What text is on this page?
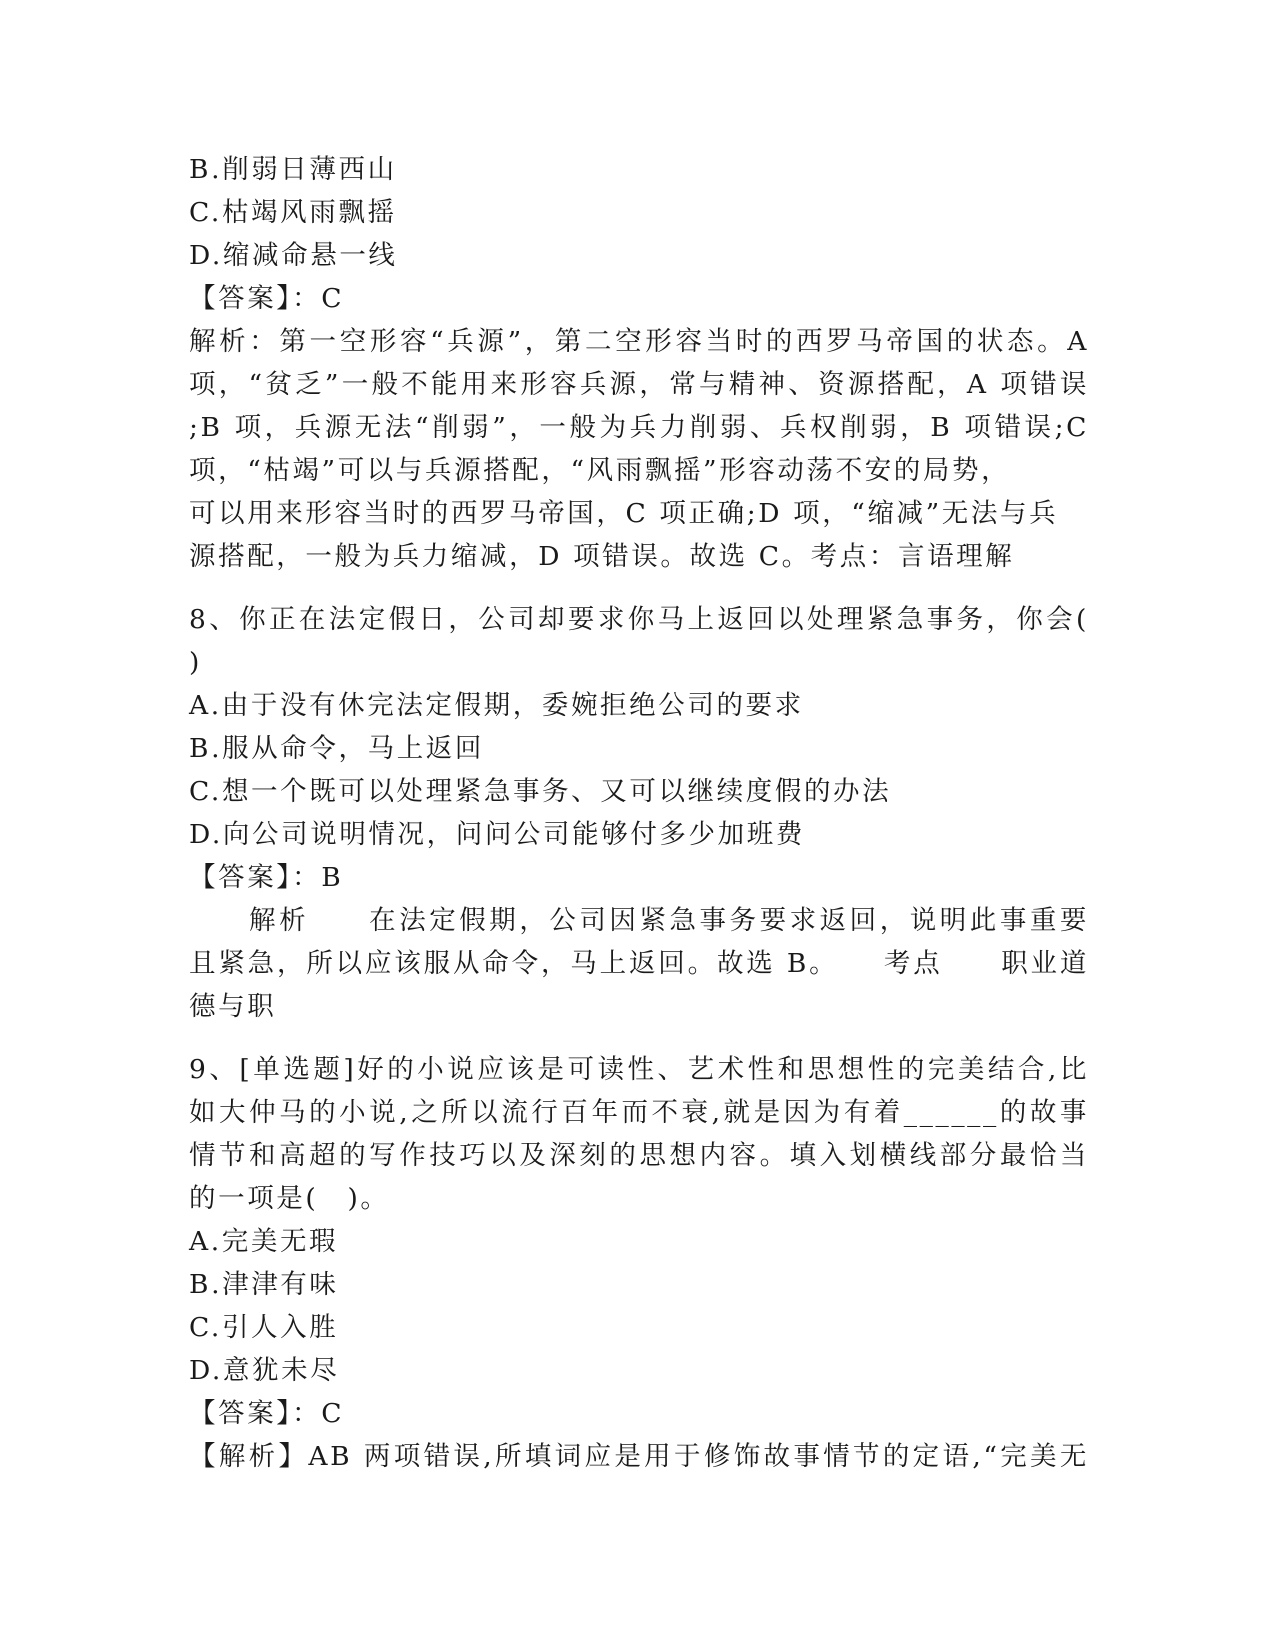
B.削弱日薄西山
C.枯竭风雨飘摇
D.缩减命悬一线
【答案】：C
解析：第一空形容“兵源”，第二空形容当时的西罗马帝国的状态。A
项，“贫乏”一般不能用来形容兵源，常与精神、资源搭配，A 项错误
;B 项，兵源无法“削弱”，一般为兵力削弱、兵权削弱，B 项错误;C
项，“枯竭”可以与兵源搭配，“风雨飘摇”形容动荡不安的局势，
可以用来形容当时的西罗马帝国，C 项正确;D 项，“缩减”无法与兵
源搭配，一般为兵力缩减，D 项错误。故选 C。考点：言语理解
8、你正在法定假日，公司却要求你马上返回以处理紧急事务，你会(
)
A.由于没有休完法定假期，委婉拒绝公司的要求
B.服从命令，马上返回
C.想一个既可以处理紧急事务、又可以继续度假的办法
D.向公司说明情况，问问公司能够付多少加班费
【答案】：B
　　解析　　在法定假期，公司因紧急事务要求返回，说明此事重要
且紧急，所以应该服从命令，马上返回。故选 B。　　考点　　职业道
德与职
9、[单选题]好的小说应该是可读性、艺术性和思想性的完美结合,比
如大仲马的小说,之所以流行百年而不衰,就是因为有着______的故事
情节和高超的写作技巧以及深刻的思想内容。填入划横线部分最恰当
的一项是(　)。
A.完美无瑕
B.津津有味
C.引人入胜
D.意犹未尽
【答案】：C
【解析】AB 两项错误,所填词应是用于修饰故事情节的定语,“完美无
